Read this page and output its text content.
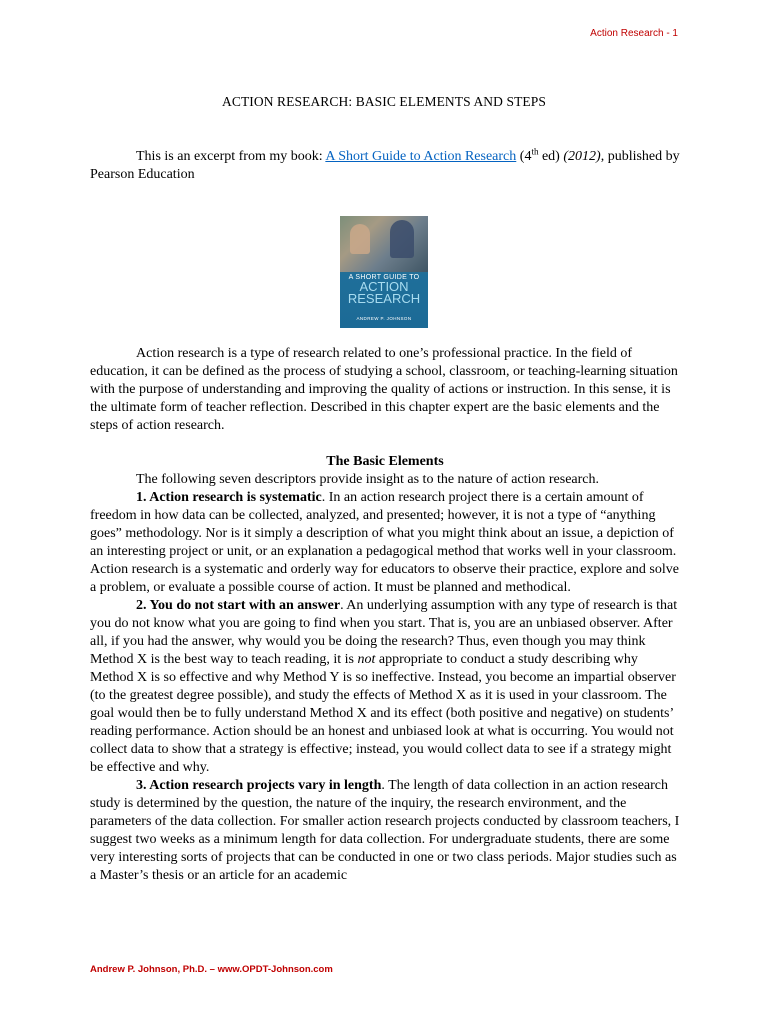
Action Research - 1
ACTION RESEARCH: BASIC ELEMENTS AND STEPS
This is an excerpt from my book: A Short Guide to Action Research (4th ed) (2012), published by Pearson Education
A SHORT GUIDE TO
ACTION
RESEARCH
ANDREW P. JOHNSON

Action research is a type of research related to one’s professional practice. In the field of education, it can be defined as the process of studying a school, classroom, or teaching-learning situation with the purpose of understanding and improving the quality of actions or instruction. In this sense, it is the ultimate form of teacher reflection. Described in this chapter expert are the basic elements and the steps of action research.

The Basic Elements

The following seven descriptors provide insight as to the nature of action research.

1. Action research is systematic. In an action research project there is a certain amount of freedom in how data can be collected, analyzed, and presented; however, it is not a type of “anything goes” methodology. Nor is it simply a description of what you might think about an issue, a depiction of an interesting project or unit, or an explanation a pedagogical method that works well in your classroom. Action research is a systematic and orderly way for educators to observe their practice, explore and solve a problem, or evaluate a possible course of action. It must be planned and methodical.

2. You do not start with an answer. An underlying assumption with any type of research is that you do not know what you are going to find when you start. That is, you are an unbiased observer. After all, if you had the answer, why would you be doing the research? Thus, even though you may think Method X is the best way to teach reading, it is not appropriate to conduct a study describing why Method X is so effective and why Method Y is so ineffective. Instead, you become an impartial observer (to the greatest degree possible), and study the effects of Method X as it is used in your classroom. The goal would then be to fully understand Method X and its effect (both positive and negative) on students’ reading performance. Action should be an honest and unbiased look at what is occurring. You would not collect data to show that a strategy is effective; instead, you would collect data to see if a strategy might be effective and why.

3. Action research projects vary in length. The length of data collection in an action research study is determined by the question, the nature of the inquiry, the research environment, and the parameters of the data collection. For smaller action research projects conducted by classroom teachers, I suggest two weeks as a minimum length for data collection. For undergraduate students, there are some very interesting sorts of projects that can be conducted in one or two class periods. Major studies such as a Master’s thesis or an article for an academic

Andrew P. Johnson, Ph.D. – www.OPDT-Johnson.com
